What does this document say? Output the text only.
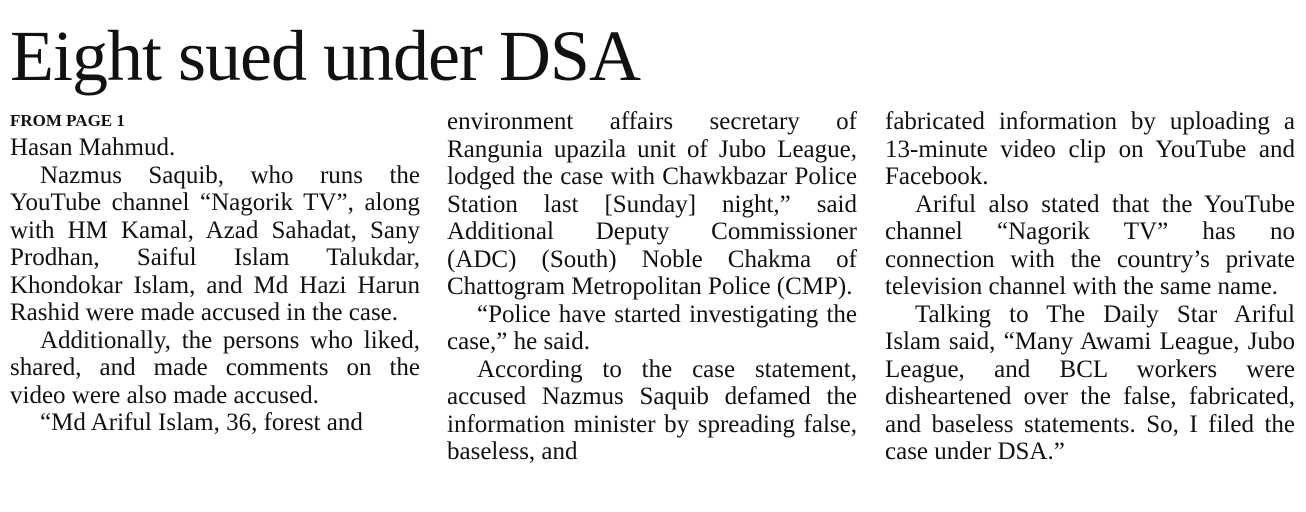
Eight sued under DSA
FROM PAGE 1

Hasan Mahmud.

Nazmus Saquib, who runs the YouTube channel “Nagorik TV”, along with HM Kamal, Azad Sahadat, Sany Prodhan, Saiful Islam Talukdar, Khondokar Islam, and Md Hazi Harun Rashid were made accused in the case.

Additionally, the persons who liked, shared, and made comments on the video were also made accused.

“Md Ariful Islam, 36, forest and

environment affairs secretary of Rangunia upazila unit of Jubo League, lodged the case with Chawkbazar Police Station last [Sunday] night,” said Additional Deputy Commissioner (ADC) (South) Noble Chakma of Chattogram Metropolitan Police (CMP).

“Police have started investigating the case,” he said.

According to the case statement, accused Nazmus Saquib defamed the information minister by spreading false, baseless, and

fabricated information by uploading a 13-minute video clip on YouTube and Facebook.

Ariful also stated that the YouTube channel “Nagorik TV” has no connection with the country’s private television channel with the same name.

Talking to The Daily Star Ariful Islam said, “Many Awami League, Jubo League, and BCL workers were disheartened over the false, fabricated, and baseless statements. So, I filed the case under DSA.”
